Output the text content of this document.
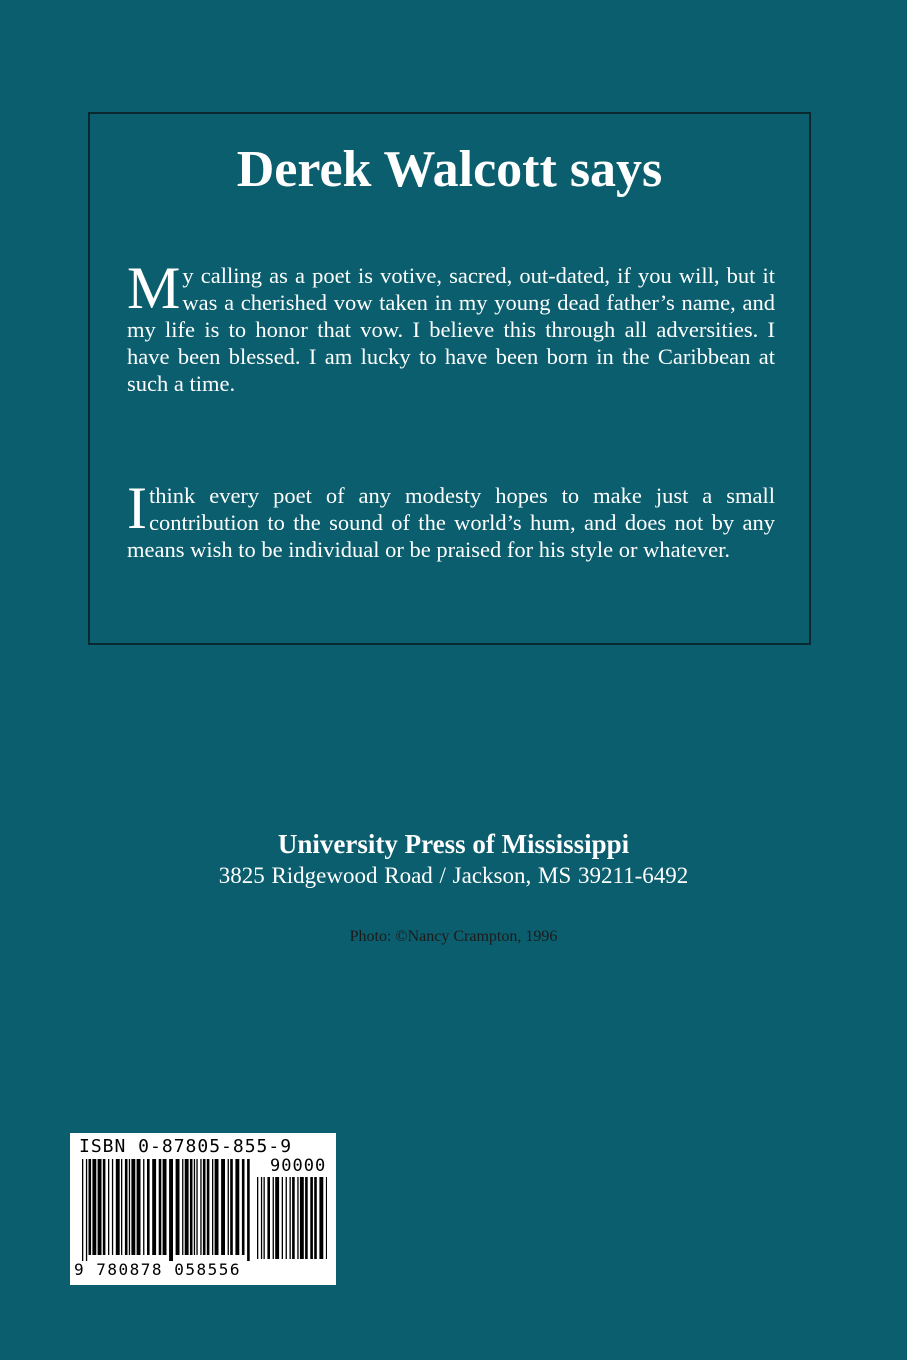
Derek Walcott says

My calling as a poet is votive, sacred, out-dated, if you will, but it was a cherished vow taken in my young dead father’s name, and my life is to honor that vow. I believe this through all adversities. I have been blessed. I am lucky to have been born in the Caribbean at such a time.

I think every poet of any modesty hopes to make just a small contribution to the sound of the world’s hum, and does not by any means wish to be individual or be praised for his style or whatever.

University Press of Mississippi
3825 Ridgewood Road / Jackson, MS 39211-6492
Photo: ©Nancy Crampton, 1996
ISBN 0-87805-855-9
90000
9 780878 058556
